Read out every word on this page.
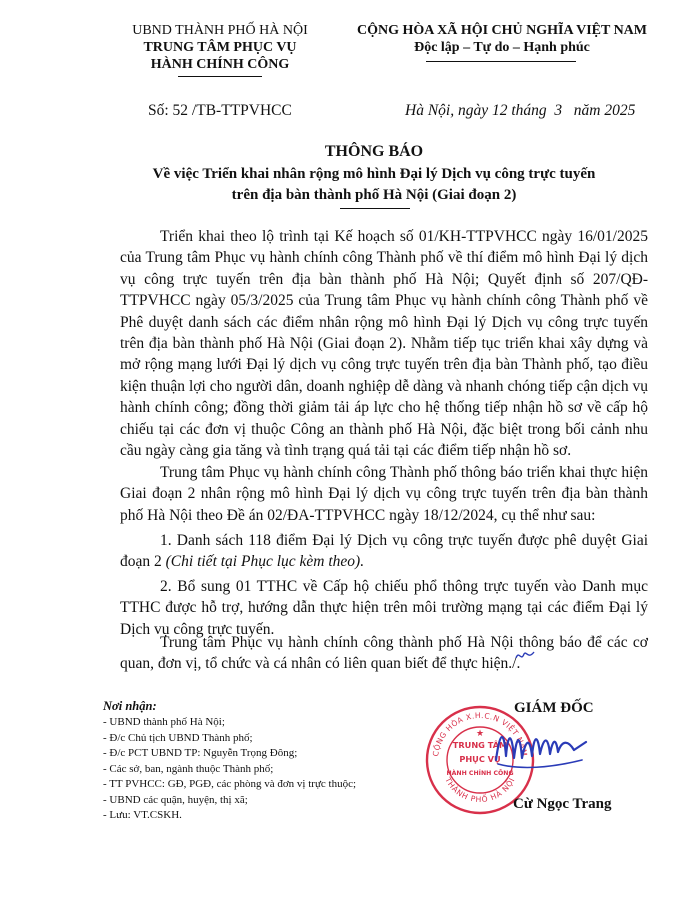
UBND THÀNH PHỐ HÀ NỘI
TRUNG TÂM PHỤC VỤ
HÀNH CHÍNH CÔNG
CỘNG HÒA XÃ HỘI CHỦ NGHĨA VIỆT NAM
Độc lập – Tự do – Hạnh phúc
Số: 52 /TB-TTPVHCC	Hà Nội, ngày 12 tháng  3   năm 2025
THÔNG BÁO
Về việc Triển khai nhân rộng mô hình Đại lý Dịch vụ công trực tuyến
trên địa bàn thành phố Hà Nội (Giai đoạn 2)

Triển khai theo lộ trình tại Kế hoạch số 01/KH-TTPVHCC ngày 16/01/2025 của Trung tâm Phục vụ hành chính công Thành phố về thí điểm mô hình Đại lý dịch vụ công trực tuyến trên địa bàn thành phố Hà Nội; Quyết định số 207/QĐ-TTPVHCC ngày 05/3/2025 của Trung tâm Phục vụ hành chính công Thành phố về Phê duyệt danh sách các điểm nhân rộng mô hình Đại lý Dịch vụ công trực tuyến trên địa bàn thành phố Hà Nội (Giai đoạn 2). Nhằm tiếp tục triển khai xây dựng và mở rộng mạng lưới Đại lý dịch vụ công trực tuyến trên địa bàn Thành phố, tạo điều kiện thuận lợi cho người dân, doanh nghiệp dễ dàng và nhanh chóng tiếp cận dịch vụ hành chính công; đồng thời giảm tải áp lực cho hệ thống tiếp nhận hồ sơ về cấp hộ chiếu tại các đơn vị thuộc Công an thành phố Hà Nội, đặc biệt trong bối cảnh nhu cầu ngày càng gia tăng và tình trạng quá tải tại các điểm tiếp nhận hồ sơ.

Trung tâm Phục vụ hành chính công Thành phố thông báo triển khai thực hiện Giai đoạn 2 nhân rộng mô hình Đại lý dịch vụ công trực tuyến trên địa bàn thành phố Hà Nội theo Đề án 02/ĐA-TTPVHCC ngày 18/12/2024, cụ thể như sau:

1. Danh sách 118 điểm Đại lý Dịch vụ công trực tuyến được phê duyệt Giai đoạn 2 (Chi tiết tại Phục lục kèm theo).

2. Bổ sung 01 TTHC về Cấp hộ chiếu phổ thông trực tuyến vào Danh mục TTHC được hỗ trợ, hướng dẫn thực hiện trên môi trường mạng tại các điểm Đại lý Dịch vụ công trực tuyến.

Trung tâm Phục vụ hành chính công thành phố Hà Nội thông báo để các cơ quan, đơn vị, tổ chức và cá nhân có liên quan biết để thực hiện./.

Nơi nhận:
- UBND thành phố Hà Nội;
- Đ/c Chủ tịch UBND Thành phố;
- Đ/c PCT UBND TP: Nguyễn Trọng Đông;
- Các sở, ban, ngành thuộc Thành phố;
- TT PVHCC: GĐ, PGĐ, các phòng và đơn vị trực thuộc;
- UBND các quận, huyện, thị xã;
- Lưu: VT.CSKH.
GIÁM ĐỐC
CỘNG HÒA X.H.C.N VIỆT NAM
THÀNH PHỐ HÀ NỘI
TRUNG TÂM
PHỤC VỤ
HÀNH CHÍNH CÔNG
★
Cừ Ngọc Trang
